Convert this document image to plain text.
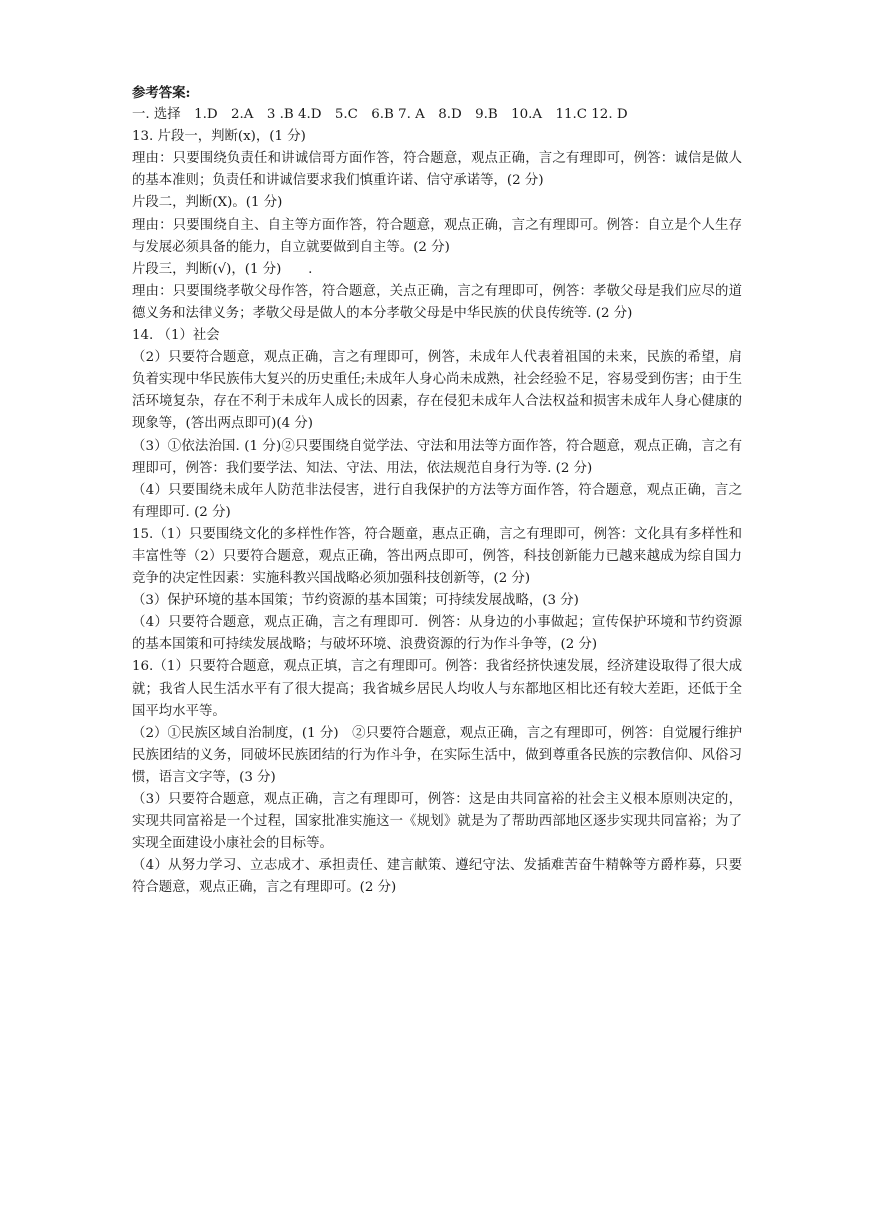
参考答案:

一. 选择　1.D　2.A　3 .B 4.D　5.C　6.B 7. A　8.D　9.B　10.A　11.C 12. D

13. 片段一，判断(x)，(1 分)

理由：只要围绕负责任和讲诚信哥方面作答，符合题意，观点正确，言之有理即可，例答：诚信是做人的基本准则；负责任和讲诚信要求我们慎重许诺、信守承诺等，(2 分)

片段二，判断(X)。(1 分)

理由：只要围绕自主、自主等方面作答，符合题意，观点正确，言之有理即可。例答：自立是个人生存与发展必须具备的能力，自立就要做到自主等。(2 分)

片段三，判断(√)，(1 分)　　.

理由：只要围绕孝敬父母作答，符合题意，关点正确，言之有理即可，例答：孝敬父母是我们应尽的道德义务和法律义务；孝敬父母是做人的本分孝敬父母是中华民族的伏良传统等. (2 分)

14. （1）社会

（2）只要符合题意，观点正确，言之有理即可，例答，未成年人代表着祖国的未来，民族的希望，肩负着实现中华民族伟大复兴的历史重任;未成年人身心尚未成熟，社会经验不足，容易受到伤害；由于生活环境复杂，存在不利于未成年人成长的因素，存在侵犯未成年人合法权益和损害未成年人身心健康的现象等，(答出两点即可)(4 分)

（3）①依法治国. (1 分)②只要围绕自觉学法、守法和用法等方面作答，符合题意，观点正确，言之有理即可，例答：我们要学法、知法、守法、用法，依法规范自身行为等. (2 分)

（4）只要围绕未成年人防范非法侵害，进行自我保护的方法等方面作答，符合题意，观点正确，言之有理即可. (2 分)

15.（1）只要围绕文化的多样性作答，符合题童，惠点正确，言之有理即可，例答：文化具有多样性和丰富性等（2）只要符合题意，观点正确，答出两点即可，例答，科技创新能力已越来越成为综自国力竞争的决定性因素：实施科教兴国战略必须加强科技创新等，(2 分)

（3）保护环境的基本国策；节约资源的基本国策；可持续发展战略，(3 分)

（4）只要符合题意，观点正确，言之有理即可．例答：从身边的小事做起；宣传保护环境和节约资源的基本国策和可持续发展战略；与破坏环境、浪费资源的行为作斗争等，(2 分)

16.（1）只要符合题意，观点正填，言之有理即可。例答：我省经挤快速发展，经济建设取得了很大成就；我省人民生活水平有了很大提高；我省城乡居民人均收人与东都地区相比还有较大差距，还低于全国平均水平等。

（2）①民族区域自治制度，(1 分)　②只要符合题意，观点正确，言之有理即可，例答：自觉履行维护民族团结的义务，同破坏民族团结的行为作斗争，在实际生活中，做到尊重各民族的宗教信仰、风俗习惯，语言文字等，(3 分)

（3）只要符合题意，观点正确，言之有理即可，例答：这是由共同富裕的社会主义根本原则决定的，实现共同富裕是一个过程，国家批准实施这一《规划》就是为了帮助西部地区逐步实现共同富裕；为了实现全面建设小康社会的目标等。

（4）从努力学习、立志成才、承担责任、建言献策、遵纪守法、发插难苦奋牛精榦等方爵柞募，只要符合题意，观点正确，言之有理即可。(2 分)
